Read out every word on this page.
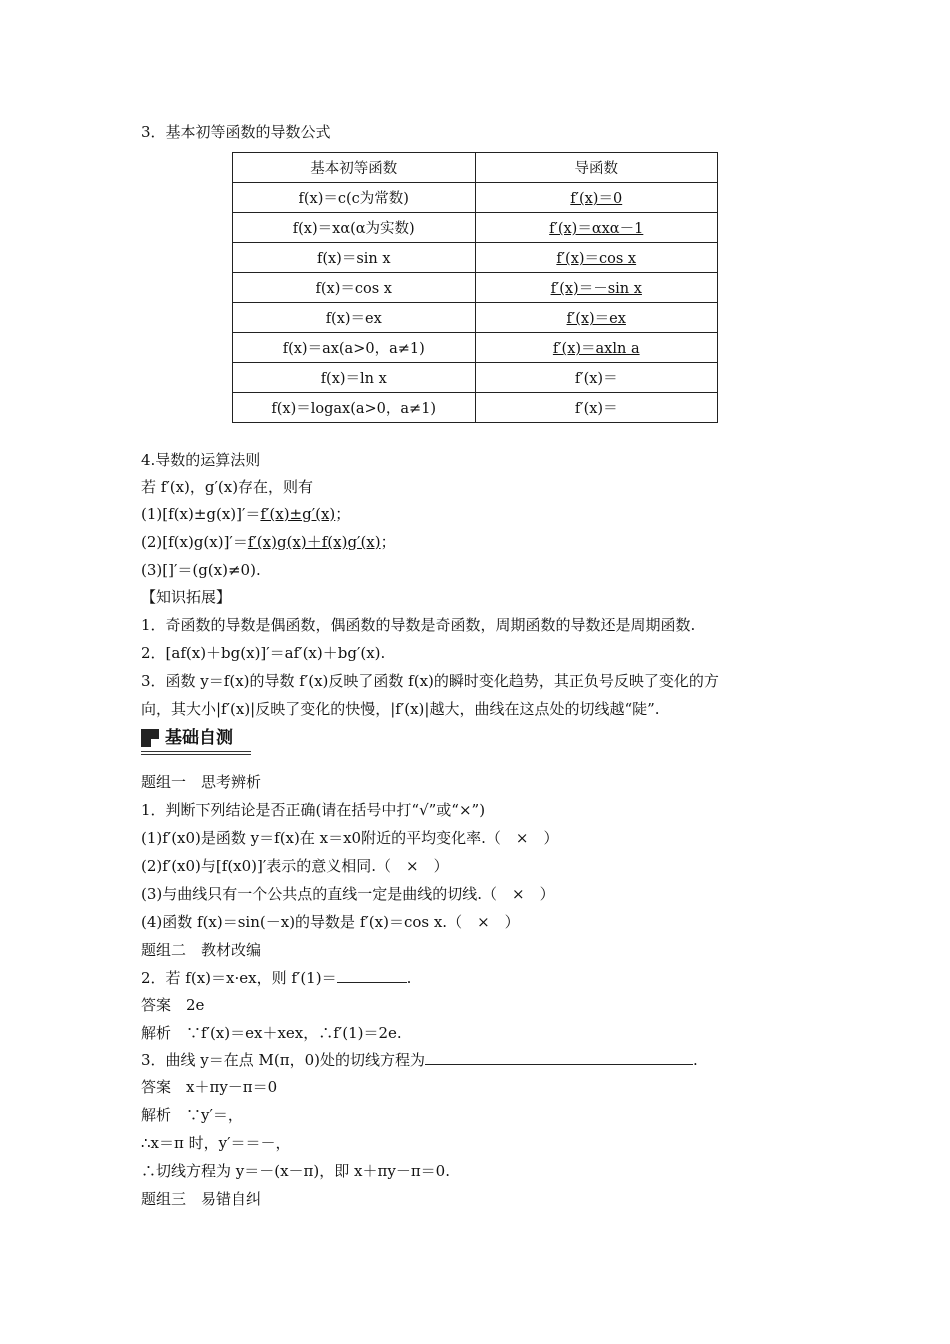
3．基本初等函数的导数公式
基本初等函数	导函数
f(x)＝c(c为常数)	f′(x)＝0
f(x)＝xα(α为实数)	f′(x)＝αxα－1
f(x)＝sin x	f′(x)＝cos x
f(x)＝cos x	f′(x)＝－sin x
f(x)＝ex	f′(x)＝ex
f(x)＝ax(a>0，a≠1)	f′(x)＝axln a
f(x)＝ln x	f′(x)＝
f(x)＝logax(a>0，a≠1)	f′(x)＝
4.导数的运算法则
若 f′(x)，g′(x)存在，则有
(1)[f(x)±g(x)]′＝f′(x)±g′(x)；
(2)[f(x)g(x)]′＝f′(x)g(x)＋f(x)g′(x)；
(3)[]′＝(g(x)≠0).
【知识拓展】
1．奇函数的导数是偶函数，偶函数的导数是奇函数，周期函数的导数还是周期函数.
2．[af(x)＋bg(x)]′＝af′(x)＋bg′(x).
3．函数 y＝f(x)的导数 f′(x)反映了函数 f(x)的瞬时变化趋势，其正负号反映了变化的方
向，其大小|f′(x)|反映了变化的快慢，|f′(x)|越大，曲线在这点处的切线越“陡”.
基础自测
题组一　思考辨析
1．判断下列结论是否正确(请在括号中打“√”或“×”)
(1)f′(x0)是函数 y＝f(x)在 x＝x0附近的平均变化率.（　×　）
(2)f′(x0)与[f(x0)]′表示的意义相同.（　×　）
(3)与曲线只有一个公共点的直线一定是曲线的切线.（　×　）
(4)函数 f(x)＝sin(－x)的导数是 f′(x)＝cos x.（　×　）
题组二　教材改编
2．若 f(x)＝x·ex，则 f′(1)＝	.
答案　2e
解析　∵f′(x)＝ex＋xex，∴f′(1)＝2e.
3．曲线 y＝在点 M(π，0)处的切线方程为	.
答案　x＋πy－π＝0
解析　∵y′＝，
∴x＝π 时，y′＝＝－，
∴切线方程为 y＝－(x－π)，即 x＋πy－π＝0.
题组三　易错自纠
